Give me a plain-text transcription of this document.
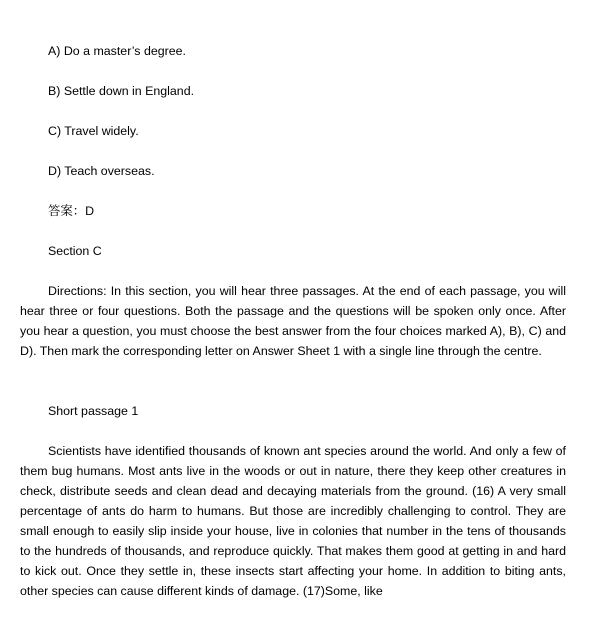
A) Do a master’s degree.
B) Settle down in England.
C) Travel widely.
D) Teach overseas.
答案：D
Section C

Directions: In this section, you will hear three passages. At the end of each passage, you will hear three or four questions. Both the passage and the questions will be spoken only once. After you hear a question, you must choose the best answer from the four choices marked A), B), C) and D). Then mark the corresponding letter on Answer Sheet 1 with a single line through the centre.

Short passage 1

Scientists have identified thousands of known ant species around the world. And only a few of them bug humans. Most ants live in the woods or out in nature, there they keep other creatures in check, distribute seeds and clean dead and decaying materials from the ground. (16) A very small percentage of ants do harm to humans. But those are incredibly challenging to control. They are small enough to easily slip inside your house, live in colonies that number in the tens of thousands to the hundreds of thousands, and reproduce quickly. That makes them good at getting in and hard to kick out. Once they settle in, these insects start affecting your home. In addition to biting ants, other species can cause different kinds of damage. (17)Some, like
